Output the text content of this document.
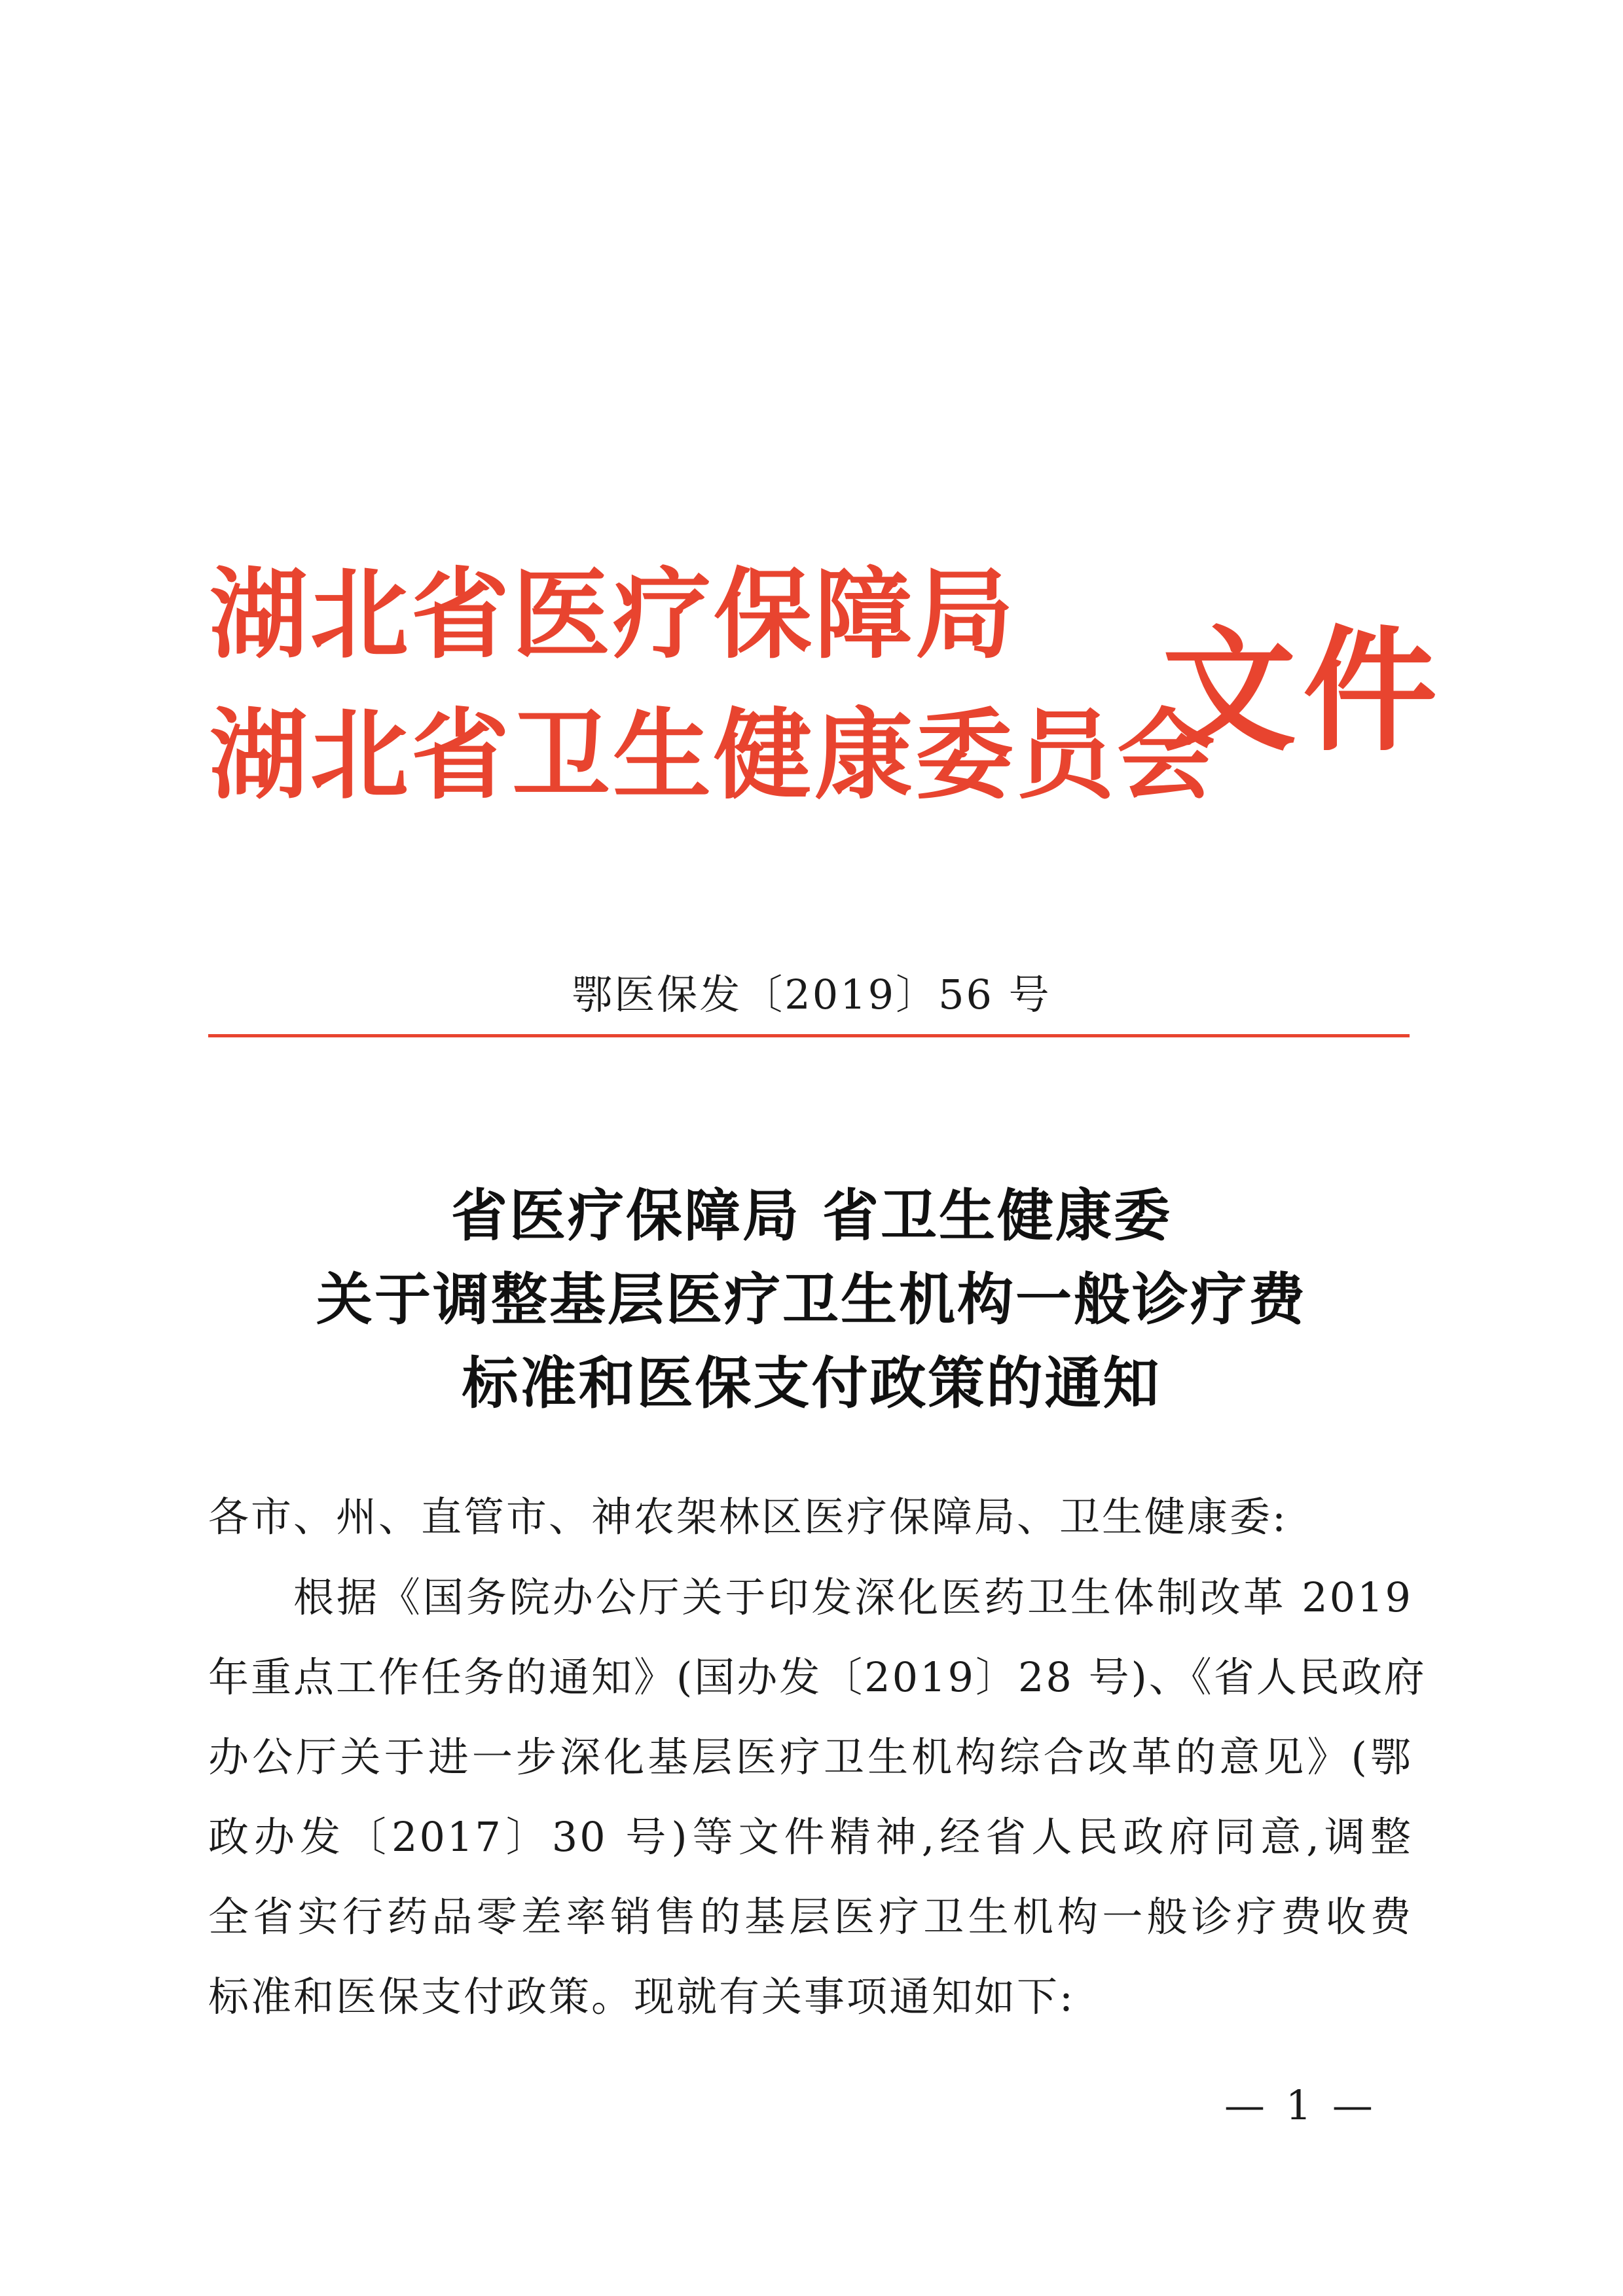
湖北省医疗保障局
湖北省卫生健康委员会
文件
鄂医保发〔2019〕56 号
省医疗保障局 省卫生健康委
关于调整基层医疗卫生机构一般诊疗费
标准和医保支付政策的通知
各市、州、直管市、神农架林区医疗保障局、卫生健康委:
根据《国务院办公厅关于印发深化医药卫生体制改革 2019
年重点工作任务的通知》(国办发〔2019〕28 号)、《省人民政府
办公厅关于进一步深化基层医疗卫生机构综合改革的意见》(鄂
政办发〔2017〕30 号)等文件精神,经省人民政府同意,调整
全省实行药品零差率销售的基层医疗卫生机构一般诊疗费收费
标准和医保支付政策。现就有关事项通知如下:
— 1 —
